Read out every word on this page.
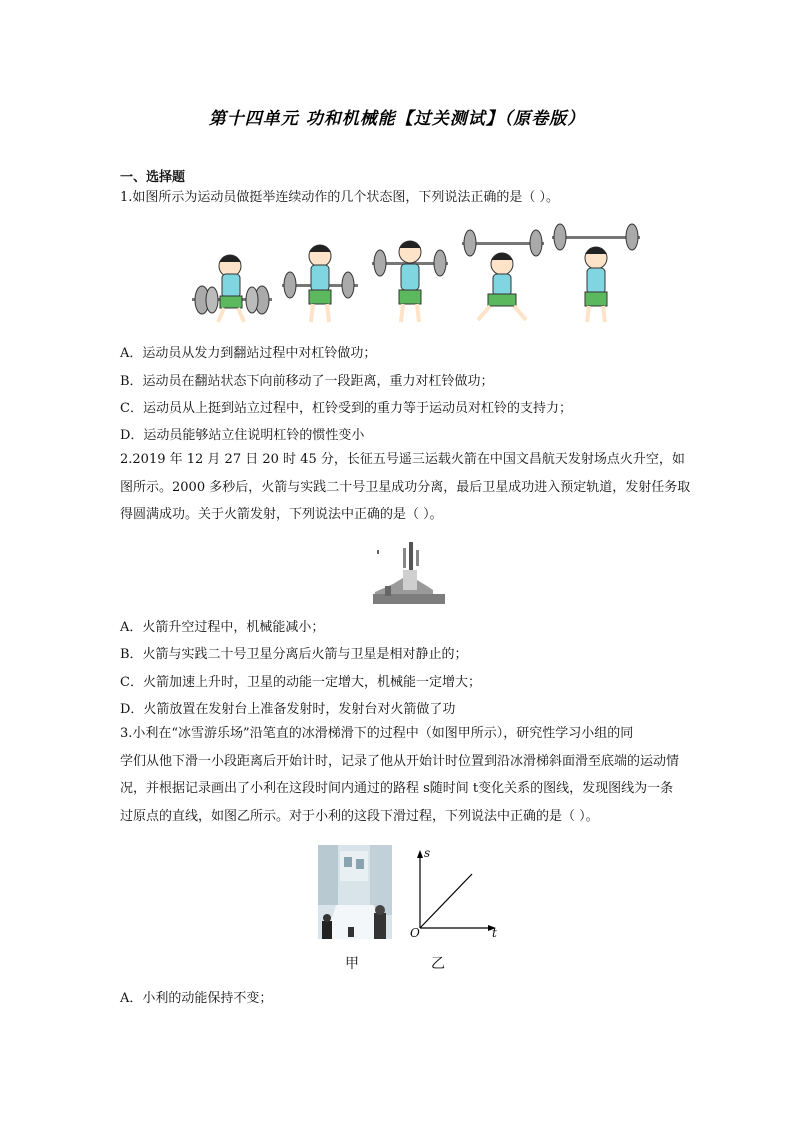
第十四单元 功和机械能【过关测试】（原卷版）
一、选择题
1.如图所示为运动员做挺举连续动作的几个状态图，下列说法正确的是（ ）。
A．运动员从发力到翻站过程中对杠铃做功；
B．运动员在翻站状态下向前移动了一段距离，重力对杠铃做功；
C．运动员从上挺到站立过程中，杠铃受到的重力等于运动员对杠铃的支持力；
D．运动员能够站立住说明杠铃的惯性变小
2.2019 年 12 月 27 日 20 时 45 分，长征五号遥三运载火箭在中国文昌航天发射场点火升空，如
图所示。2000 多秒后，火箭与实践二十号卫星成功分离，最后卫星成功进入预定轨道，发射任务取
得圆满成功。关于火箭发射，下列说法中正确的是（ ）。
A．火箭升空过程中，机械能减小；
B．火箭与实践二十号卫星分离后火箭与卫星是相对静止的；
C．火箭加速上升时，卫星的动能一定增大，机械能一定增大；
D．火箭放置在发射台上准备发射时，发射台对火箭做了功
3.小利在“冰雪游乐场”沿笔直的冰滑梯滑下的过程中（如图甲所示），研究性学习小组的同
学们从他下滑一小段距离后开始计时，记录了他从开始计时位置到沿冰滑梯斜面滑至底端的运动情
况，并根据记录画出了小利在这段时间内通过的路程 s随时间 t变化关系的图线，发现图线为一条
过原点的直线，如图乙所示。对于小利的这段下滑过程，下列说法中正确的是（ ）。
s
O	t
甲	乙
A．小利的动能保持不变；
